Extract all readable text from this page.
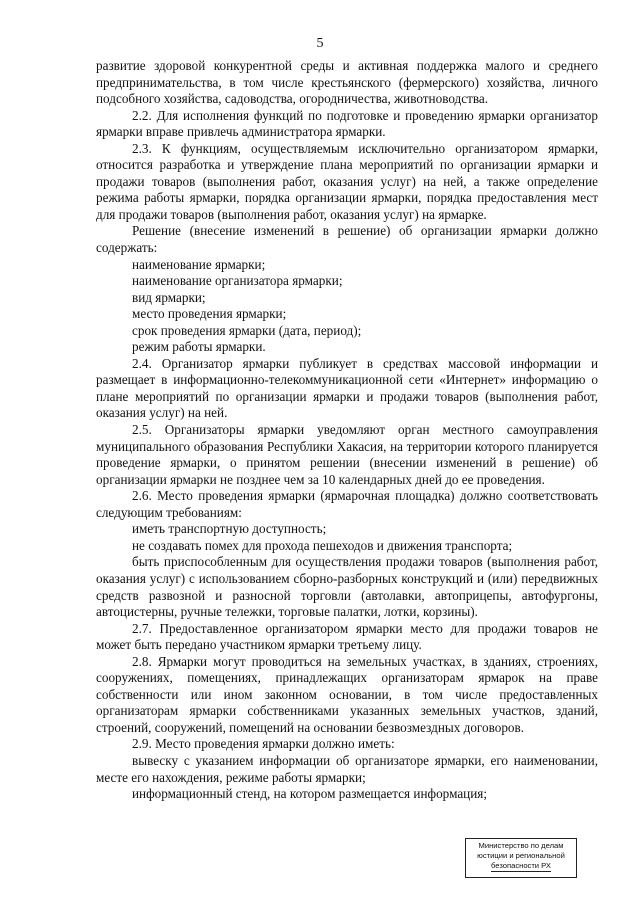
5

развитие здоровой конкурентной среды и активная поддержка малого и среднего предпринимательства, в том числе крестьянского (фермерского) хозяйства, личного подсобного хозяйства, садоводства, огородничества, животноводства.

2.2. Для исполнения функций по подготовке и проведению ярмарки организатор ярмарки вправе привлечь администратора ярмарки.

2.3. К функциям, осуществляемым исключительно организатором ярмарки, относится разработка и утверждение плана мероприятий по организации ярмарки и продажи товаров (выполнения работ, оказания услуг) на ней, а также определение режима работы ярмарки, порядка организации ярмарки, порядка предоставления мест для продажи товаров (выполнения работ, оказания услуг) на ярмарке.

Решение (внесение изменений в решение) об организации ярмарки должно содержать:

наименование ярмарки;

наименование организатора ярмарки;

вид ярмарки;

место проведения ярмарки;

срок проведения ярмарки (дата, период);

режим работы ярмарки.

2.4. Организатор ярмарки публикует в средствах массовой информации и размещает в информационно-телекоммуникационной сети «Интернет» информацию о плане мероприятий по организации ярмарки и продажи товаров (выполнения работ, оказания услуг) на ней.

2.5. Организаторы ярмарки уведомляют орган местного самоуправления муниципального образования Республики Хакасия, на территории которого планируется проведение ярмарки, о принятом решении (внесении изменений в решение) об организации ярмарки не позднее чем за 10 календарных дней до ее проведения.

2.6. Место проведения ярмарки (ярмарочная площадка) должно соответствовать следующим требованиям:

иметь транспортную доступность;

не создавать помех для прохода пешеходов и движения транспорта;

быть приспособленным для осуществления продажи товаров (выполнения работ, оказания услуг) с использованием сборно-разборных конструкций и (или) передвижных средств развозной и разносной торговли (автолавки, автоприцепы, автофургоны, автоцистерны, ручные тележки, торговые палатки, лотки, корзины).

2.7. Предоставленное организатором ярмарки место для продажи товаров не может быть передано участником ярмарки третьему лицу.

2.8. Ярмарки могут проводиться на земельных участках, в зданиях, строениях, сооружениях, помещениях, принадлежащих организаторам ярмарок на праве собственности или ином законном основании, в том числе предоставленных организаторам ярмарки собственниками указанных земельных участков, зданий, строений, сооружений, помещений на основании безвозмездных договоров.

2.9. Место проведения ярмарки должно иметь:

вывеску с указанием информации об организаторе ярмарки, его наименовании, месте его нахождения, режиме работы ярмарки;

информационный стенд, на котором размещается информация;

Министерство по делам
юстиции и региональной
безопасности РХ
